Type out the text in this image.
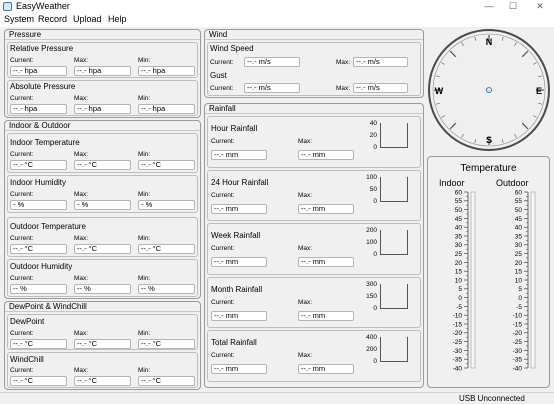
EasyWeather	—	☐	✕
System Record Upload Help
Pressure
Relative Pressure
Current:	Max:	Min:
--.- hpa	--.- hpa	--.- hpa
Absolute Pressure
Current:	Max:	Min:
--.- hpa	--.- hpa	--.- hpa
Indoor & Outdoor
Indoor Temperature
Current:	Max:	Min:
--.- °C	--.- °C	--.- °C
Indoor Humidity
Current:	Max:	Min:
- %	- %	- %
Outdoor Temperature
Current:	Max:	Min:
--.- °C	--.- °C	--.- °C
Outdoor Humidity
Current:	Max:	Min:
-- %	-- %	-- %
DewPoint & WindChill
DewPoint
Current:	Max:	Min:
--.- °C	--.- °C	--.- °C
WindChill
Current:	Max:	Min:
--.- °C	--.- °C	--.- °C
Wind
Wind Speed
Current:	--.- m/s	Max: --.- m/s
Gust
Current:	--.- m/s	Max: --.- m/s
Rainfall
Hour Rainfall
Current:	Max:
--.- mm	--.- mm
40
20
0
24 Hour Rainfall
Current:	Max:
--.- mm	--.- mm
100
50
0
Week Rainfall
Current:	Max:
--.- mm	--.- mm
200
100
0
Month Rainfall
Current:	Max:
--.- mm	--.- mm
300
150
0
Total Rainfall
Current:	Max:
--.- mm	--.- mm
400
200
0
N
E
S
W
Temperature
Indoor	Outdoor
60
55
50
45
40
35
30
25
20
15
10
5
0
-5
-10
-15
-20
-25
-30
-35
-40
60
55
50
45
40
35
30
25
20
15
10
5
0
-5
-10
-15
-20
-25
-30
-35
-40
USB Unconnected
